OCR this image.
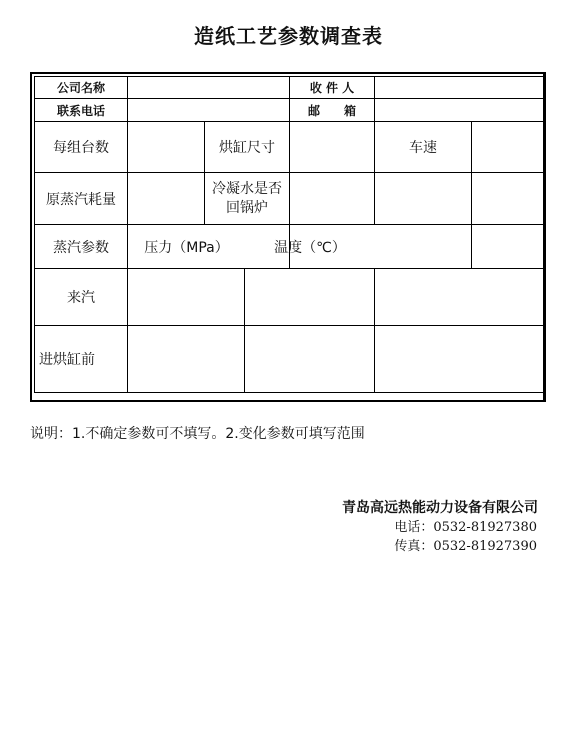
造纸工艺参数调查表
公司名称				收 件 人		
联系电话				邮　　箱		
每组台数		烘缸尺寸			车速	
原蒸汽耗量		冷凝水是否
回锅炉				

蒸汽参数	压力（MPa）			温度（℃）		

来汽						
进烘缸前						
说明：1.不确定参数可不填写。2.变化参数可填写范围
青岛高远热能动力设备有限公司
电话：0532-81927380
传真：0532-81927390
